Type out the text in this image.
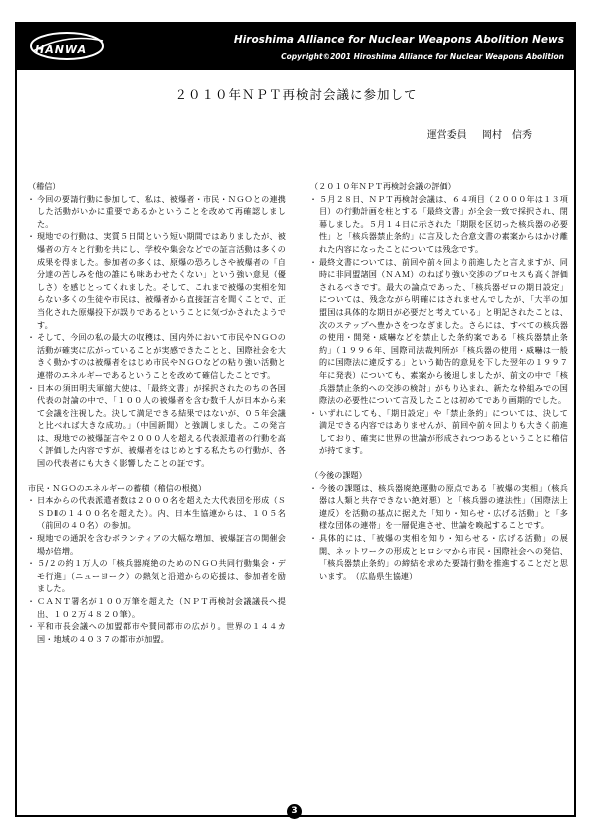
HANWA
Hiroshima Alliance for Nuclear Weapons Abolition News
Copyright©2001 Hiroshima Alliance for Nuclear Weapons Abolition
２０１０年ＮＰＴ再検討会議に参加して
運営委員 岡村　信秀

（稽信）

・ 今回の要請行動に参加して、私は、被爆者・市民・ＮＧＯとの連携した活動がいかに重要であるかということを改めて再確認しました。
・ 現地での行動は、実質５日間という短い期間ではありましたが、被爆者の方々と行動を共にし、学校や集会などでの証言活動は多くの成果を得ました。参加者の多くは、原爆の恐ろしさや被爆者の「自分達の苦しみを他の誰にも味あわせたくない」という強い意見（優しさ）を感じとってくれました。そして、これまで被爆の実相を知らない多くの生徒や市民は、被爆者から直接証言を聞くことで、正当化された原爆投下が誤りであるということに気づかされたようです。
・ そして、今回の私の最大の収穫は、国内外において市民やＮＧＯの活動が確実に広がっていることが実感できたことと、国際社会を大きく動かすのは被爆者をはじめ市民やＮＧＯなどの粘り強い活動と連帯のエネルギーであるということを改めて確信したことです。
・ 日本の須田明夫軍縮大使は、「最終文書」が採択されたのちの各国代表の討論の中で、「１００人の被爆者を含む数千人が日本から来て会議を注視した。決して満足できる結果ではないが、０５年会議と比べれば大きな成功。」（中国新聞）と強調しました。この発言は、現地での被爆証言や２０００人を超える代表派遣者の行動を高く評価した内容ですが、被爆者をはじめとする私たちの行動が、各国の代表者にも大きく影響したことの証です。

市民・ＮＧＯのエネルギーの蓄積（稽信の根拠）

・ 日本からの代表派遣者数は２０００名を超えた大代表団を形成（ＳＳＤⅡの１４００名を超えた）。内、日本生協連からは、１０５名（前回の４０名）の参加。
・ 現地での通訳を含むボランティアの大幅な増加、被爆証言の開催会場が倍増。
・ ５/２の約１万人の「核兵器廃絶のためのＮＧＯ共同行動集会・デモ行進」（ニューヨーク）の熱気と沿道からの応援は、参加者を励ました。
・ ＣＡＮＴ署名が１００万筆を超えた（ＮＰＴ再検討会議議長へ提出、１０２万４８２０筆）。
・ 平和市長会議への加盟都市や賛同都市の広がり。世界の１４４カ国・地域の４０３７の都市が加盟。

（２０１０年ＮＰＴ再検討会議の評価）

・ ５月２８日、ＮＰＴ再検討会議は、６４項目（２０００年は１３項目）の行動計画を柱とする「最終文書」が全会一致で採択され、閉幕しました。５月１４日に示された「期限を区切った核兵器の必要性」と「核兵器禁止条約」に言及した合意文書の素案からはかけ離れた内容になったことについては残念です。
・ 最終文書については、前回や前々回より前進したと言えますが、同時に非同盟諸国（ＮＡＭ）のねばり強い交渉のプロセスも高く評価されるべきです。最大の論点であった、「核兵器ゼロの期日設定」については、残念ながら明確にはされませんでしたが、「大半の加盟国は具体的な期日が必要だと考えている」と明記されたことは、次のステップへ豊かさをつなぎました。さらには、すべての核兵器の使用・開発・威嚇などを禁止した条約案である「核兵器禁止条約」（１９９６年、国際司法裁判所が「核兵器の使用・威嚇は一般的に国際法に違反する」という勧告的意見を下した翌年の１９９７年に発表）についても、素案から後退しましたが、前文の中で「核兵器禁止条約への交渉の検討」がもり込まれ、新たな枠組みでの国際法の必要性について言及したことは初めてであり画期的でした。
・ いずれにしても、「期日設定」や「禁止条約」については、決して満足できる内容ではありませんが、前回や前々回よりも大きく前進しており、確実に世界の世論が形成されつつあるということに稽信が持てます。

（今後の課題）

・ 今後の課題は、核兵器廃絶運動の原点である「被爆の実相」（核兵器は人類と共存できない絶対悪）と「核兵器の違法性」（国際法上違反）を活動の基点に据えた「知り・知らせ・広げる活動」と「多様な団体の連帯」を一層促進させ、世論を喚起することです。
・ 具体的には、「被爆の実相を知り・知らせる・広げる活動」の展開、ネットワークの形成とヒロシマから市民・国際社会への発信、「核兵器禁止条約」の締結を求めた要請行動を推進することだと思います。　（広島県生協連）
3
